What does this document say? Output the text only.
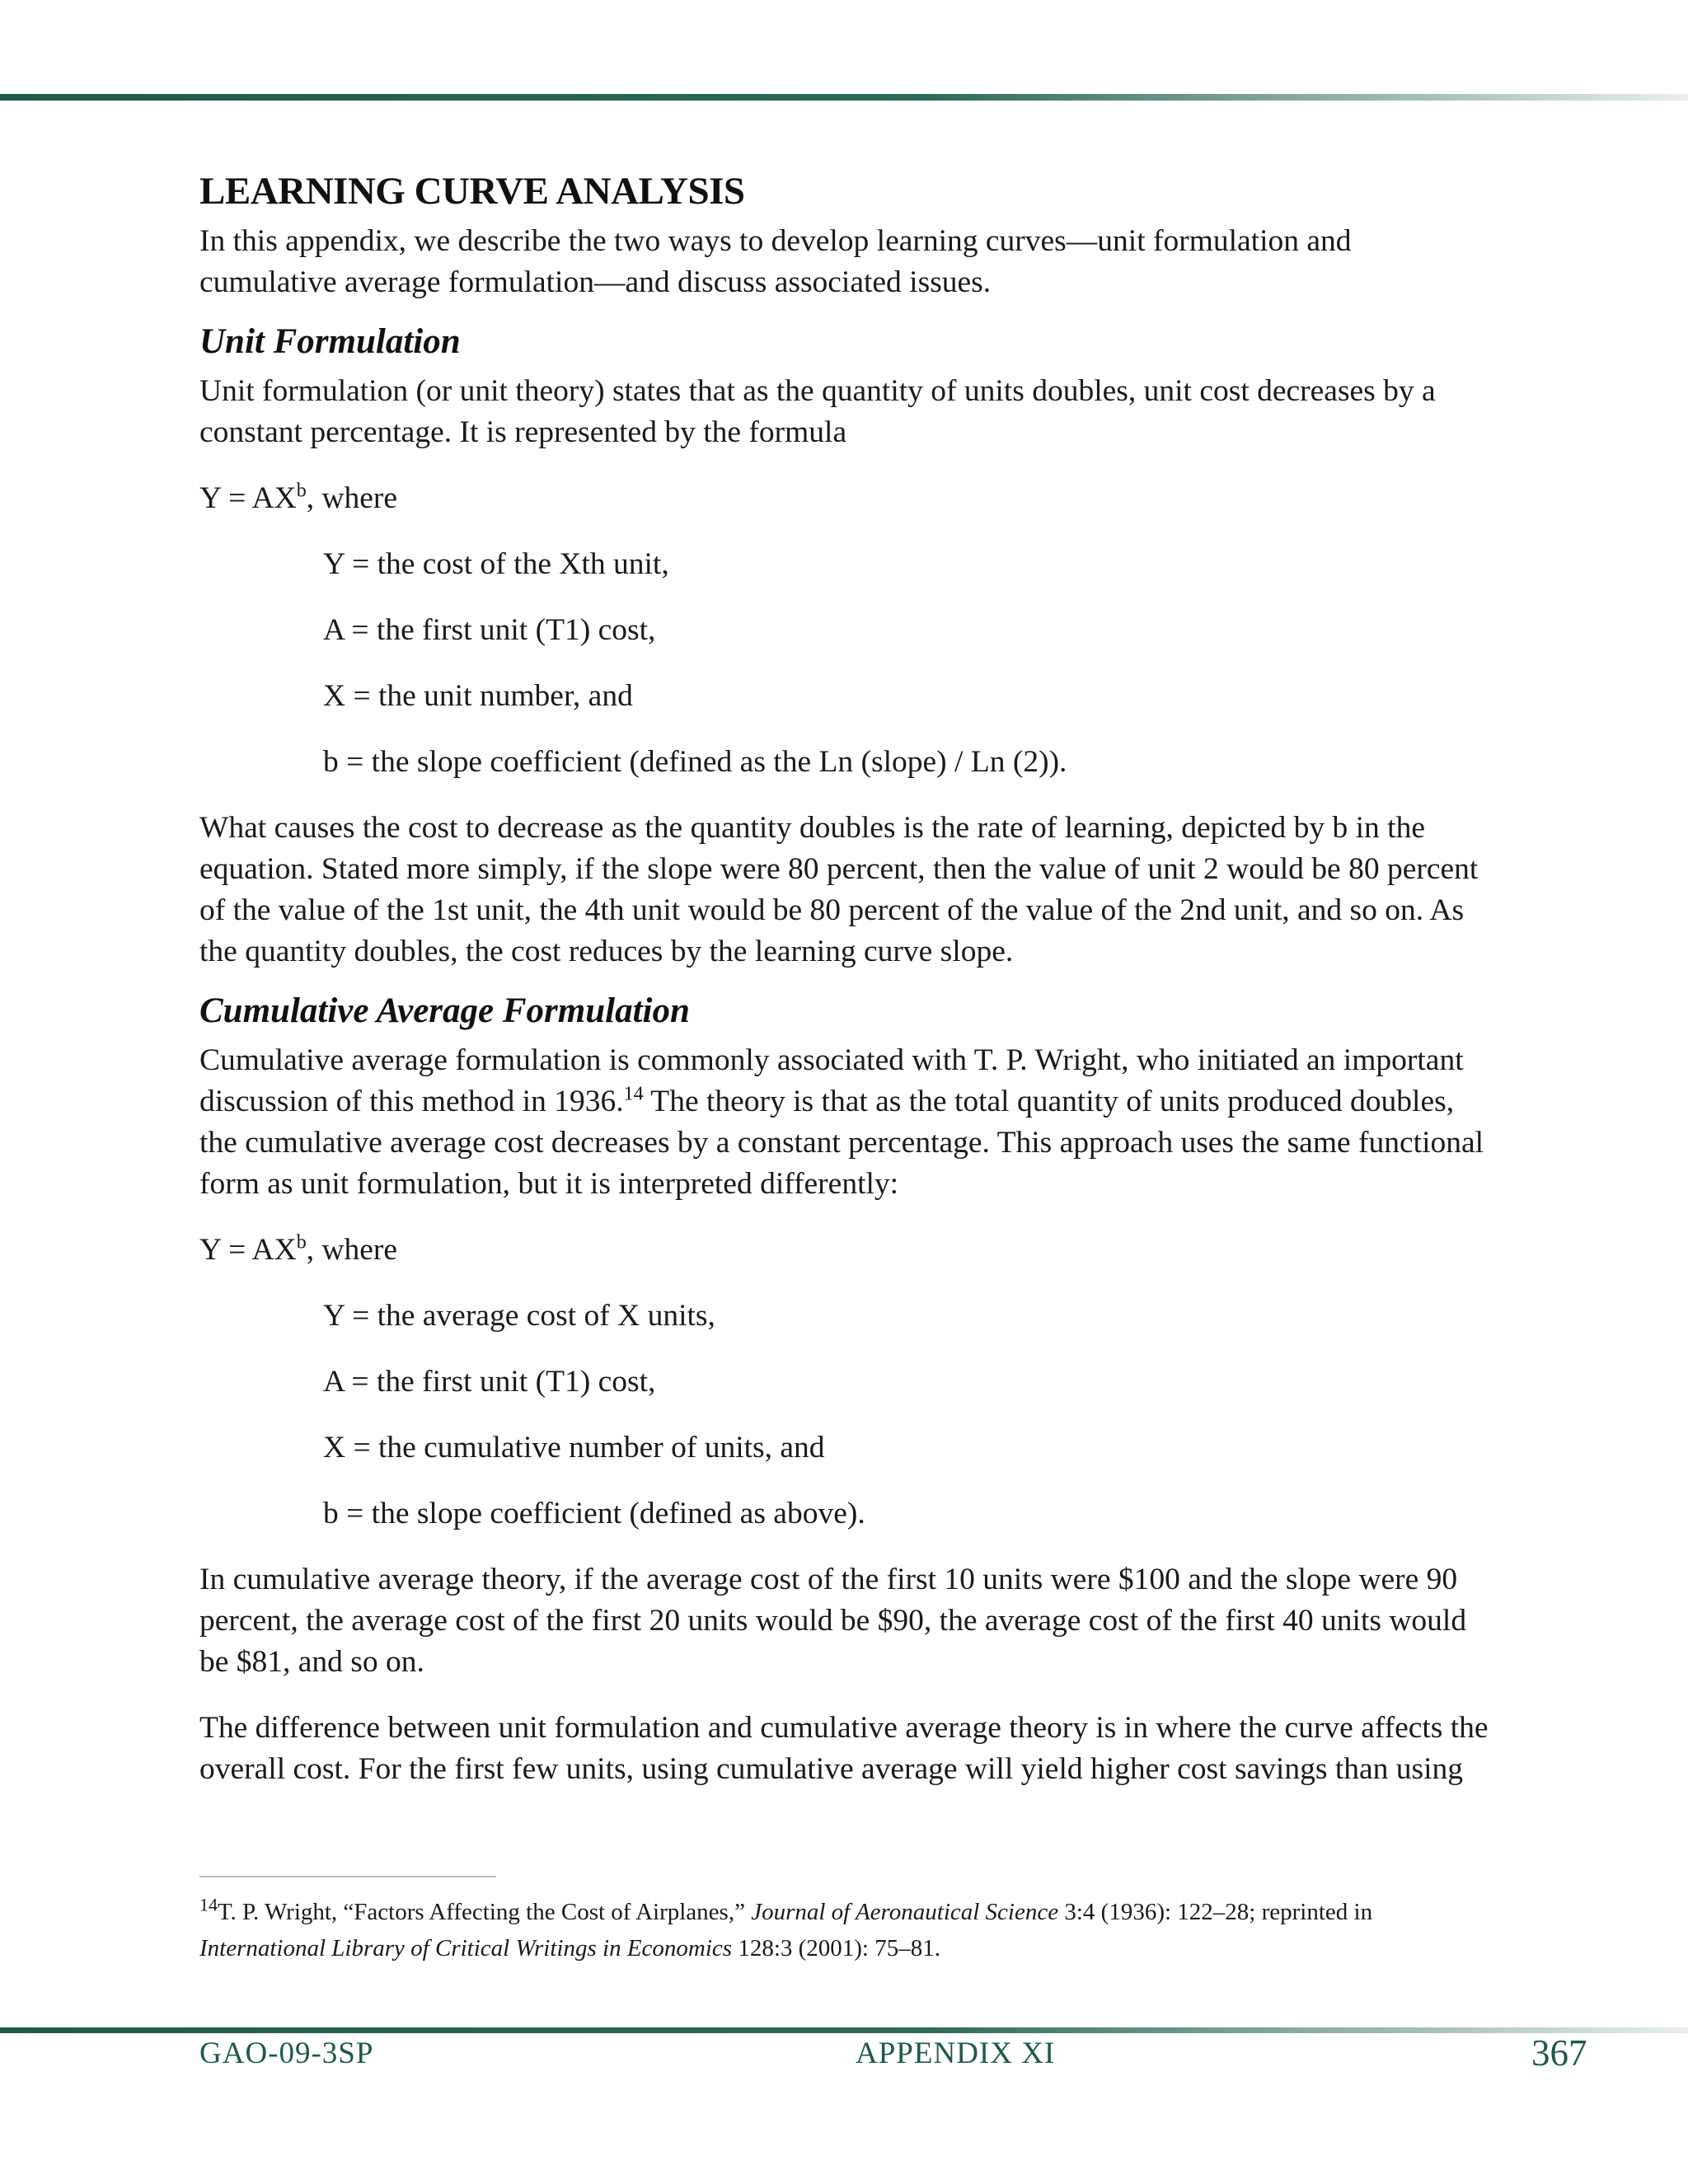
LEARNING CURVE ANALYSIS

In this appendix, we describe the two ways to develop learning curves—unit formulation and cumulative average formulation—and discuss associated issues.

Unit Formulation

Unit formulation (or unit theory) states that as the quantity of units doubles, unit cost decreases by a constant percentage. It is represented by the formula

$Y = AX^b$, where

Y = the cost of the Xth unit,

A = the first unit (T1) cost,

X = the unit number, and

b = the slope coefficient (defined as the Ln (slope) / Ln (2)).

What causes the cost to decrease as the quantity doubles is the rate of learning, depicted by b in the equation. Stated more simply, if the slope were 80 percent, then the value of unit 2 would be 80 percent of the value of the 1st unit, the 4th unit would be 80 percent of the value of the 2nd unit, and so on. As the quantity doubles, the cost reduces by the learning curve slope.

Cumulative Average Formulation

Cumulative average formulation is commonly associated with T. P. Wright, who initiated an important discussion of this method in 1936.14 The theory is that as the total quantity of units produced doubles, the cumulative average cost decreases by a constant percentage. This approach uses the same functional form as unit formulation, but it is interpreted differently:

$Y = AX^b$, where

Y = the average cost of X units,

A = the first unit (T1) cost,

X = the cumulative number of units, and

b = the slope coefficient (defined as above).

In cumulative average theory, if the average cost of the first 10 units were $100 and the slope were 90 percent, the average cost of the first 20 units would be $90, the average cost of the first 40 units would be $81, and so on.

The difference between unit formulation and cumulative average theory is in where the curve affects the overall cost. For the first few units, using cumulative average will yield higher cost savings than using

$^{14}$T. P. Wright, “Factors Affecting the Cost of Airplanes,” Journal of Aeronautical Science 3:4 (1936): 122–28; reprinted in International Library of Critical Writings in Economics 128:3 (2001): 75–81.
GAO-09-3SP	APPENDIX XI	367
